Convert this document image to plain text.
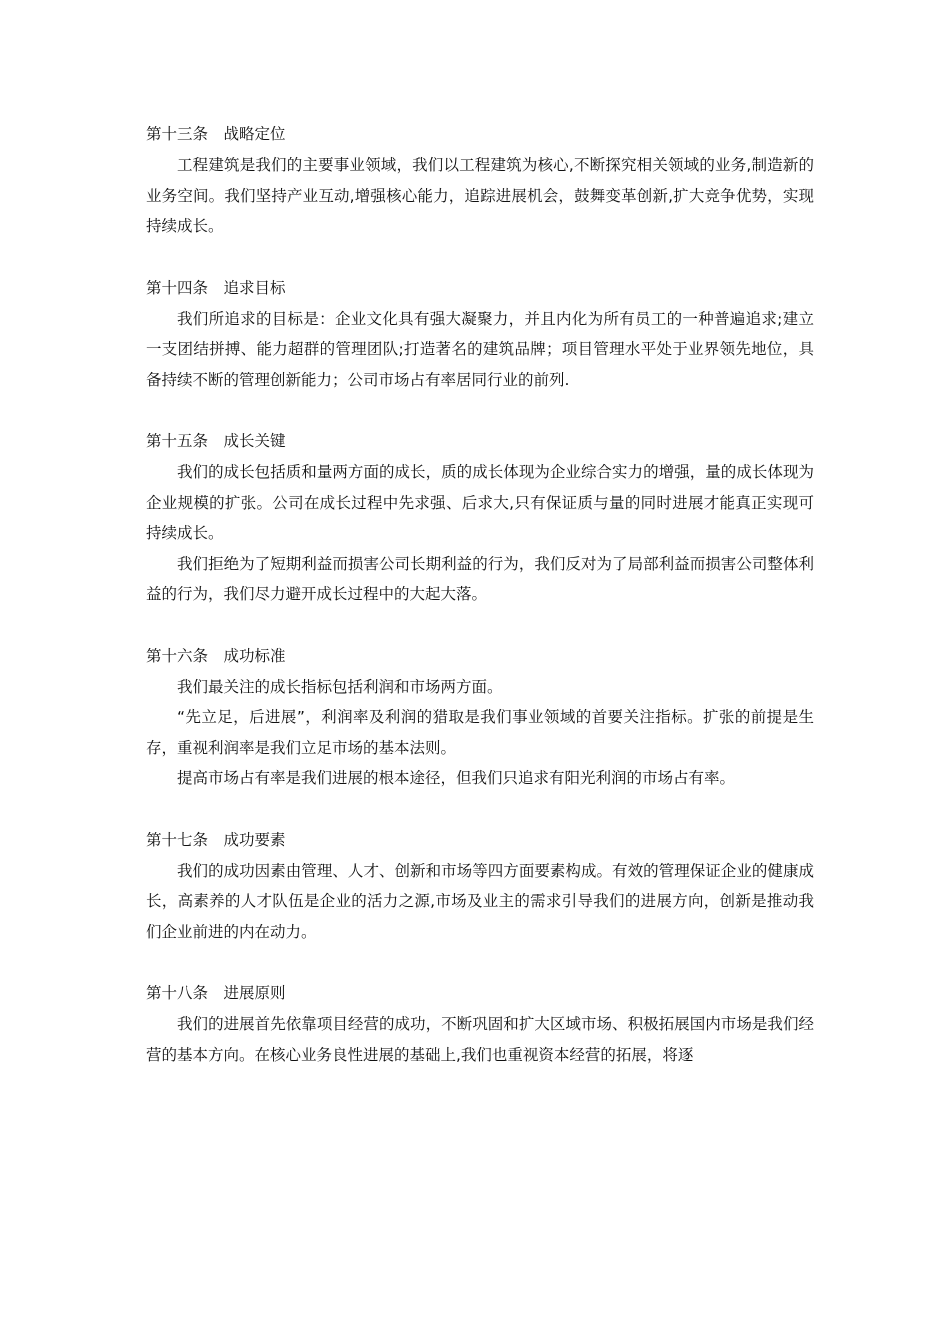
第十三条　战略定位

工程建筑是我们的主要事业领域，我们以工程建筑为核心,不断探究相关领域的业务,制造新的业务空间。我们坚持产业互动,增强核心能力，追踪进展机会，鼓舞变革创新,扩大竞争优势，实现持续成长。

第十四条　追求目标

我们所追求的目标是：企业文化具有强大凝聚力，并且内化为所有员工的一种普遍追求;建立一支团结拼搏、能力超群的管理团队;打造著名的建筑品牌；项目管理水平处于业界领先地位，具备持续不断的管理创新能力；公司市场占有率居同行业的前列.

第十五条　成长关键

我们的成长包括质和量两方面的成长，质的成长体现为企业综合实力的增强，量的成长体现为企业规模的扩张。公司在成长过程中先求强、后求大,只有保证质与量的同时进展才能真正实现可持续成长。

我们拒绝为了短期利益而损害公司长期利益的行为，我们反对为了局部利益而损害公司整体利益的行为，我们尽力避开成长过程中的大起大落。

第十六条　成功标准

我们最关注的成长指标包括利润和市场两方面。

“先立足，后进展”，利润率及利润的猎取是我们事业领域的首要关注指标。扩张的前提是生存，重视利润率是我们立足市场的基本法则。

提高市场占有率是我们进展的根本途径，但我们只追求有阳光利润的市场占有率。

第十七条　成功要素

我们的成功因素由管理、人才、创新和市场等四方面要素构成。有效的管理保证企业的健康成长，高素养的人才队伍是企业的活力之源,市场及业主的需求引导我们的进展方向，创新是推动我们企业前进的内在动力。

第十八条　进展原则

我们的进展首先依靠项目经营的成功，不断巩固和扩大区域市场、积极拓展国内市场是我们经营的基本方向。在核心业务良性进展的基础上,我们也重视资本经营的拓展，将逐
